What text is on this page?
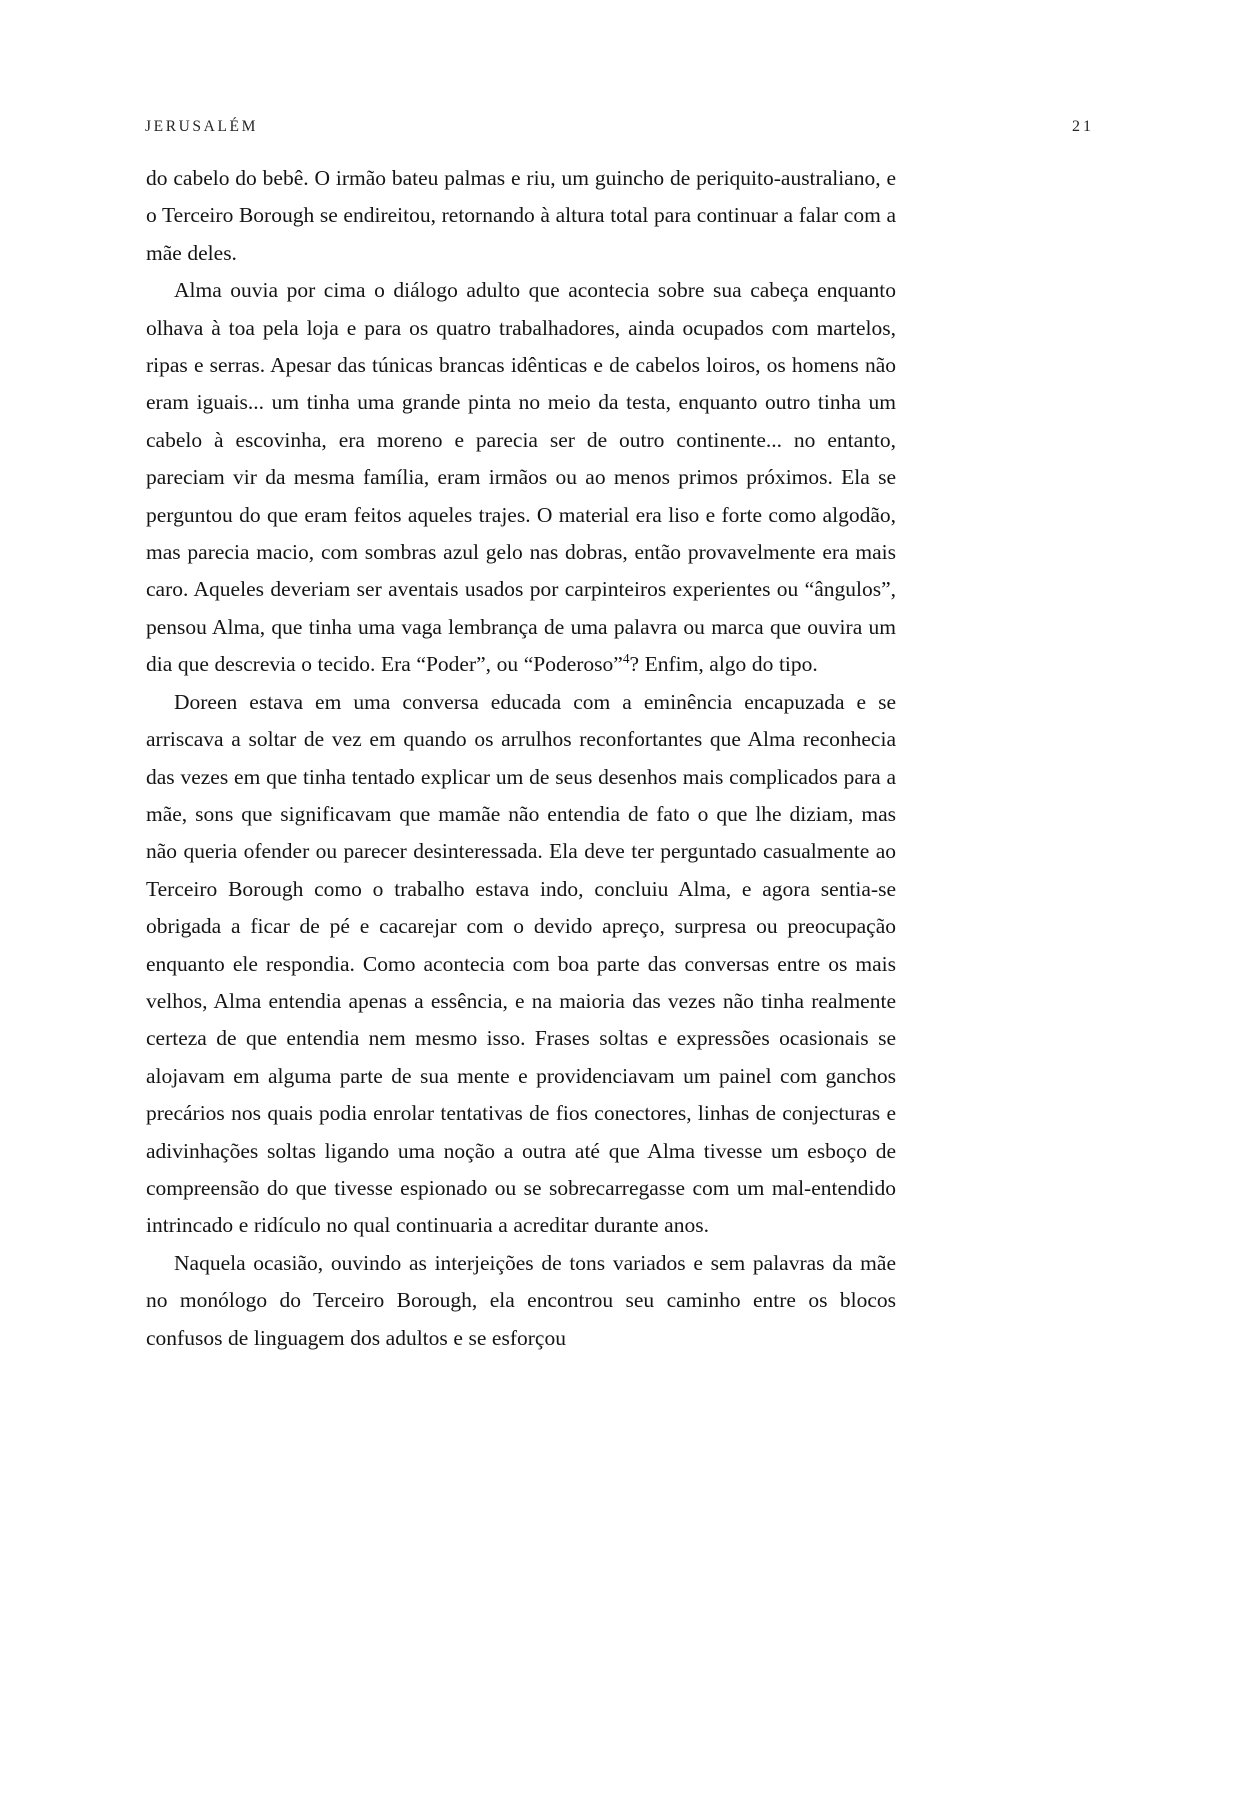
JERUSALÉM	21

do cabelo do bebê. O irmão bateu palmas e riu, um guincho de periquito-australiano, e o Terceiro Borough se endireitou, retornando à altura total para continuar a falar com a mãe deles.

Alma ouvia por cima o diálogo adulto que acontecia sobre sua cabeça enquanto olhava à toa pela loja e para os quatro trabalhadores, ainda ocupados com martelos, ripas e serras. Apesar das túnicas brancas idênticas e de cabelos loiros, os homens não eram iguais... um tinha uma grande pinta no meio da testa, enquanto outro tinha um cabelo à escovinha, era moreno e parecia ser de outro continente... no entanto, pareciam vir da mesma família, eram irmãos ou ao menos primos próximos. Ela se perguntou do que eram feitos aqueles trajes. O material era liso e forte como algodão, mas parecia macio, com sombras azul gelo nas dobras, então provavelmente era mais caro. Aqueles deveriam ser aventais usados por carpinteiros experientes ou “ângulos”, pensou Alma, que tinha uma vaga lembrança de uma palavra ou marca que ouvira um dia que descrevia o tecido. Era “Poder”, ou “Poderoso”$^4$? Enfim, algo do tipo.

Doreen estava em uma conversa educada com a eminência encapuzada e se arriscava a soltar de vez em quando os arrulhos reconfortantes que Alma reconhecia das vezes em que tinha tentado explicar um de seus desenhos mais complicados para a mãe, sons que significavam que mamãe não entendia de fato o que lhe diziam, mas não queria ofender ou parecer desinteressada. Ela deve ter perguntado casualmente ao Terceiro Borough como o trabalho estava indo, concluiu Alma, e agora sentia-se obrigada a ficar de pé e cacarejar com o devido apreço, surpresa ou preocupação enquanto ele respondia. Como acontecia com boa parte das conversas entre os mais velhos, Alma entendia apenas a essência, e na maioria das vezes não tinha realmente certeza de que entendia nem mesmo isso. Frases soltas e expressões ocasionais se alojavam em alguma parte de sua mente e providenciavam um painel com ganchos precários nos quais podia enrolar tentativas de fios conectores, linhas de conjecturas e adivinhações soltas ligando uma noção a outra até que Alma tivesse um esboço de compreensão do que tivesse espionado ou se sobrecarregasse com um mal-entendido intrincado e ridículo no qual continuaria a acreditar durante anos.

Naquela ocasião, ouvindo as interjeições de tons variados e sem palavras da mãe no monólogo do Terceiro Borough, ela encontrou seu caminho entre os blocos confusos de linguagem dos adultos e se esforçou
